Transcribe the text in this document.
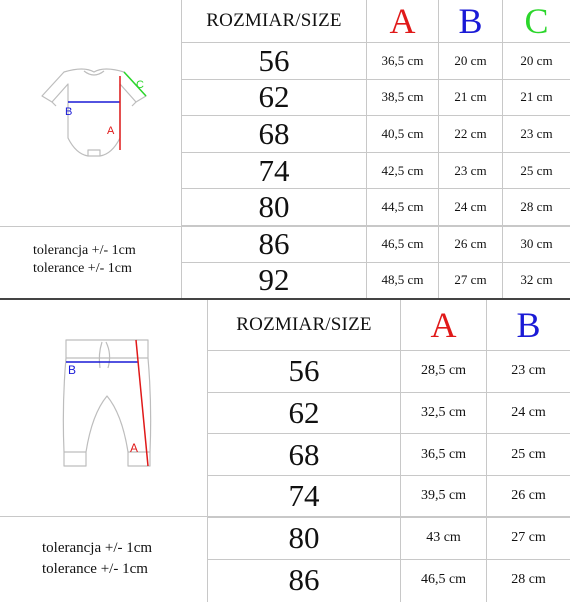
ROZMIAR/SIZE	A	B	C
56	36,5 cm	20 cm	20 cm
62	38,5 cm	21 cm	21 cm
68	40,5 cm	22 cm	23 cm
74	42,5 cm	23 cm	25 cm
80	44,5 cm	24 cm	28 cm
86	46,5 cm	26 cm	30 cm
92	48,5 cm	27 cm	32 cm
B
A
C
tolerancja +/- 1cm
tolerance +/- 1cm
ROZMIAR/SIZE	A	B
56	28,5 cm	23 cm
62	32,5 cm	24 cm
68	36,5 cm	25 cm
74	39,5 cm	26 cm
80	43 cm	27 cm
86	46,5 cm	28 cm
B
A
tolerancja +/- 1cm
tolerance +/- 1cm
